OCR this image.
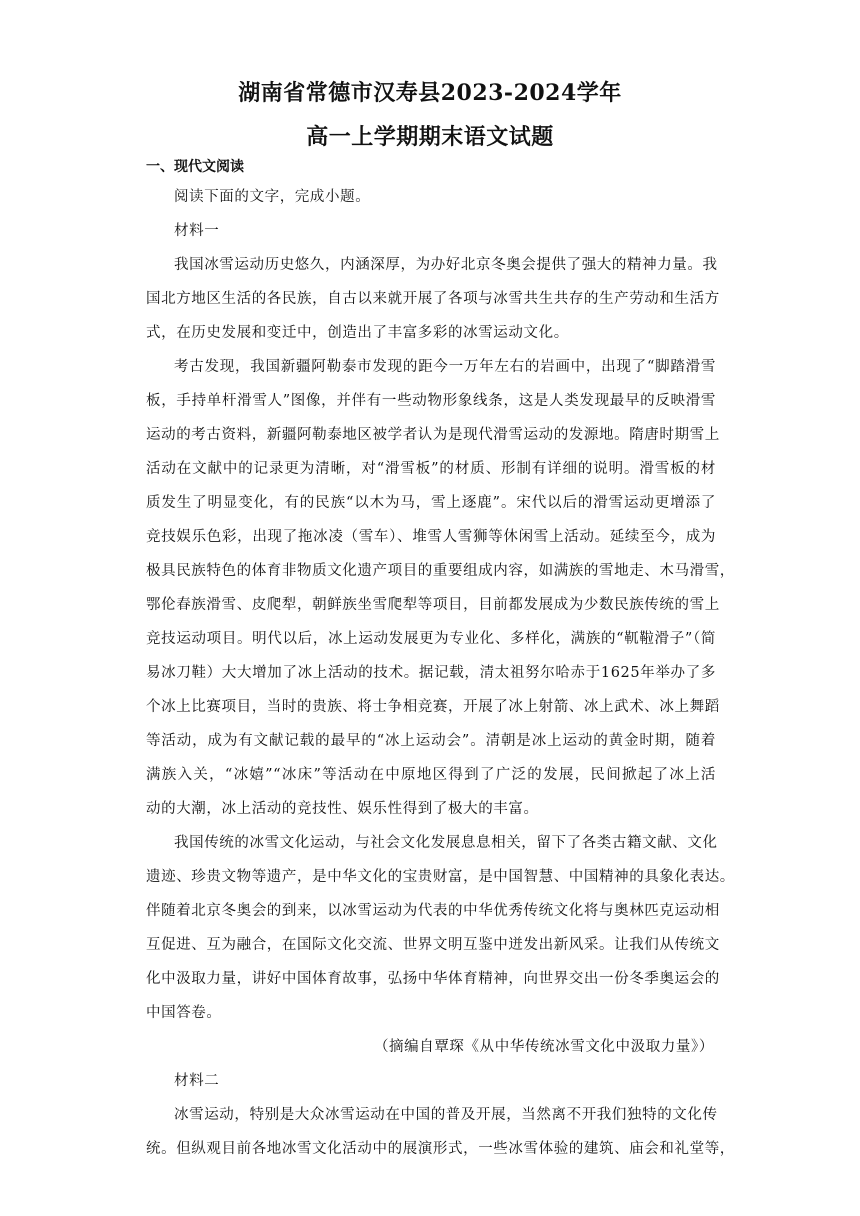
湖南省常德市汉寿县2023-2024学年
高一上学期期末语文试题
一、现代文阅读
阅读下面的文字，完成小题。
材料一
我国冰雪运动历史悠久，内涵深厚，为办好北京冬奥会提供了强大的精神力量。我
国北方地区生活的各民族，自古以来就开展了各项与冰雪共生共存的生产劳动和生活方
式，在历史发展和变迁中，创造出了丰富多彩的冰雪运动文化。
考古发现，我国新疆阿勒泰市发现的距今一万年左右的岩画中，出现了“脚踏滑雪
板，手持单杆滑雪人”图像，并伴有一些动物形象线条，这是人类发现最早的反映滑雪
运动的考古资料，新疆阿勒泰地区被学者认为是现代滑雪运动的发源地。隋唐时期雪上
活动在文献中的记录更为清晰，对“滑雪板”的材质、形制有详细的说明。滑雪板的材
质发生了明显变化，有的民族“以木为马，雪上逐鹿”。宋代以后的滑雪运动更增添了
竞技娱乐色彩，出现了拖冰凌（雪车）、堆雪人雪狮等休闲雪上活动。延续至今，成为
极具民族特色的体育非物质文化遗产项目的重要组成内容，如满族的雪地走、木马滑雪，
鄂伦春族滑雪、皮爬犁，朝鲜族坐雪爬犁等项目，目前都发展成为少数民族传统的雪上
竞技运动项目。明代以后，冰上运动发展更为专业化、多样化，满族的“靰鞡滑子”（简
易冰刀鞋）大大增加了冰上活动的技术。据记载，清太祖努尔哈赤于1625年举办了多
个冰上比赛项目，当时的贵族、将士争相竞赛，开展了冰上射箭、冰上武术、冰上舞蹈
等活动，成为有文献记载的最早的“冰上运动会”。清朝是冰上运动的黄金时期，随着
满族入关，“冰嬉”“冰床”等活动在中原地区得到了广泛的发展，民间掀起了冰上活
动的大潮，冰上活动的竞技性、娱乐性得到了极大的丰富。
我国传统的冰雪文化运动，与社会文化发展息息相关，留下了各类古籍文献、文化
遗迹、珍贵文物等遗产，是中华文化的宝贵财富，是中国智慧、中国精神的具象化表达。
伴随着北京冬奥会的到来，以冰雪运动为代表的中华优秀传统文化将与奥林匹克运动相
互促进、互为融合，在国际文化交流、世界文明互鉴中迸发出新风采。让我们从传统文
化中汲取力量，讲好中国体育故事，弘扬中华体育精神，向世界交出一份冬季奥运会的
中国答卷。
（摘编自覃琛《从中华传统冰雪文化中汲取力量》）
材料二
冰雪运动，特别是大众冰雪运动在中国的普及开展，当然离不开我们独特的文化传
统。但纵观目前各地冰雪文化活动中的展演形式，一些冰雪体验的建筑、庙会和礼堂等，
